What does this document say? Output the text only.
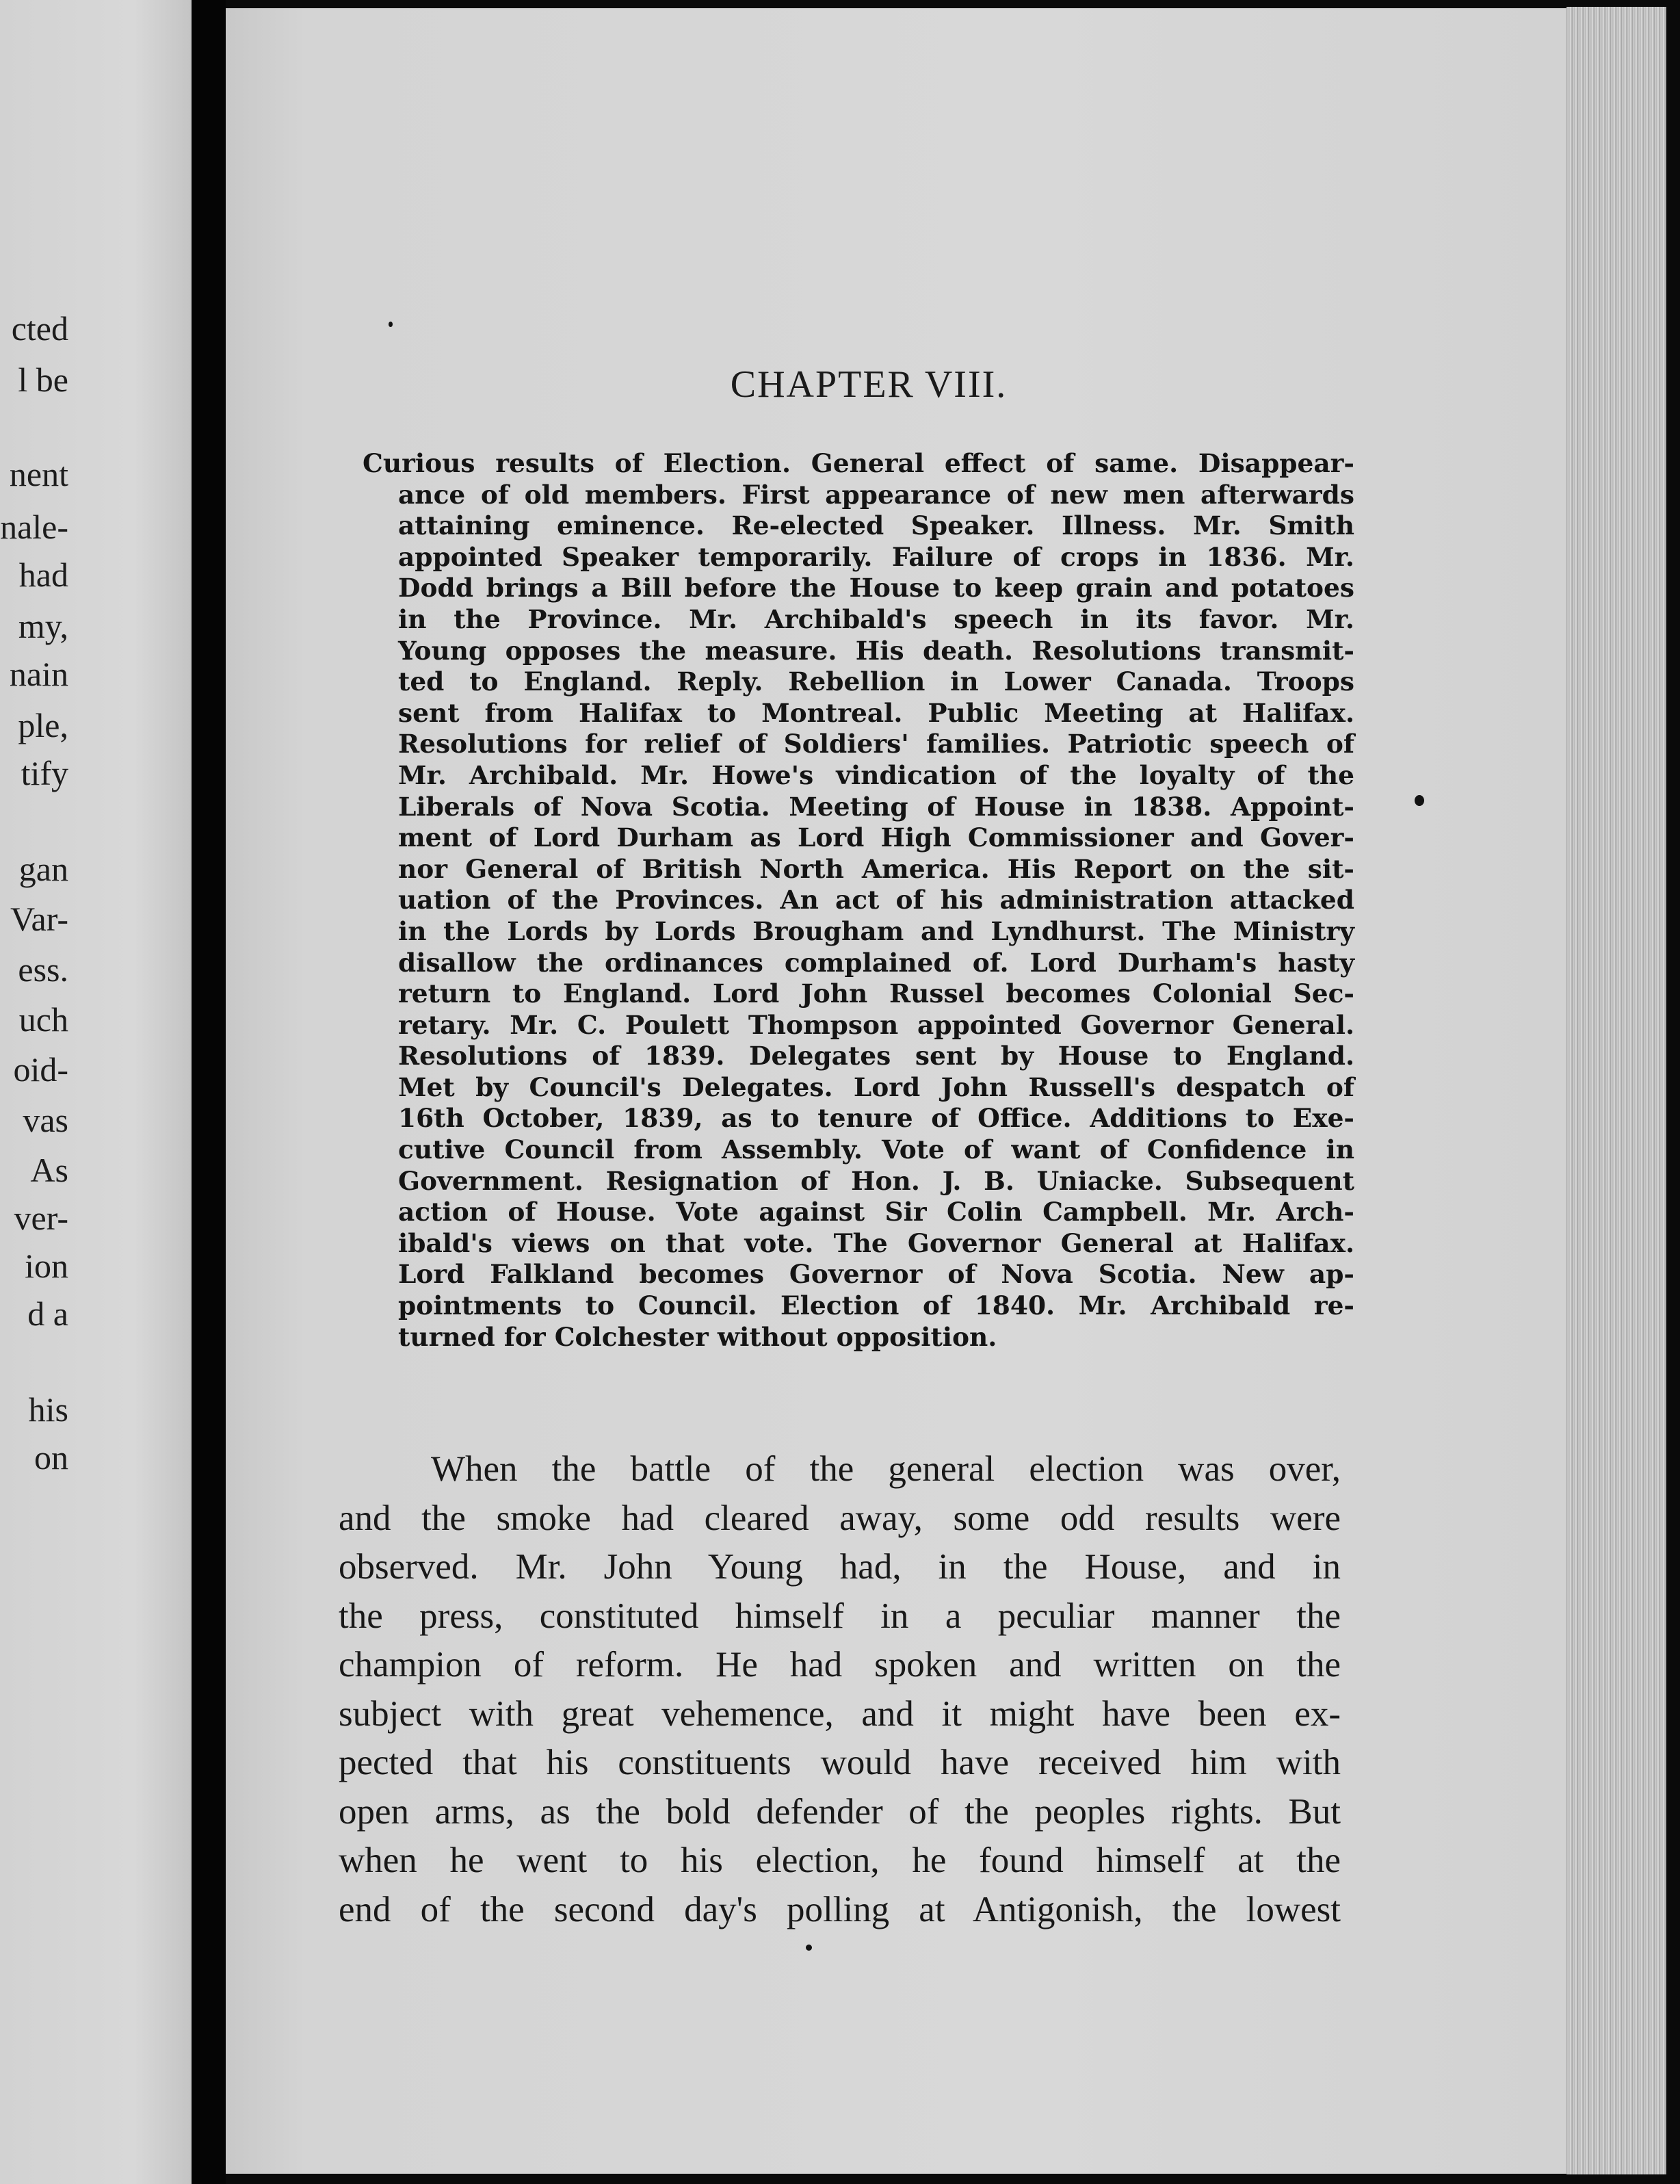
cted
l be
nent
nale-
had
my,
nain
ple,
tify
gan
Var-
ess.
uch
oid-
vas
As
ver-
ion
d a
his
on
CHAPTER VIII.
Curious results of Election. General effect of same. Disappear-
ance of old members. First appearance of new men afterwards
attaining eminence. Re-elected Speaker. Illness. Mr. Smith
appointed Speaker temporarily. Failure of crops in 1836. Mr.
Dodd brings a Bill before the House to keep grain and potatoes
in the Province. Mr. Archibald's speech in its favor. Mr.
Young opposes the measure. His death. Resolutions transmit-
ted to England. Reply. Rebellion in Lower Canada. Troops
sent from Halifax to Montreal. Public Meeting at Halifax.
Resolutions for relief of Soldiers' families. Patriotic speech of
Mr. Archibald. Mr. Howe's vindication of the loyalty of the
Liberals of Nova Scotia. Meeting of House in 1838. Appoint-
ment of Lord Durham as Lord High Commissioner and Gover-
nor General of British North America. His Report on the sit-
uation of the Provinces. An act of his administration attacked
in the Lords by Lords Brougham and Lyndhurst. The Ministry
disallow the ordinances complained of. Lord Durham's hasty
return to England. Lord John Russel becomes Colonial Sec-
retary. Mr. C. Poulett Thompson appointed Governor General.
Resolutions of 1839. Delegates sent by House to England.
Met by Council's Delegates. Lord John Russell's despatch of
16th October, 1839, as to tenure of Office. Additions to Exe-
cutive Council from Assembly. Vote of want of Confidence in
Government. Resignation of Hon. J. B. Uniacke. Subsequent
action of House. Vote against Sir Colin Campbell. Mr. Arch-
ibald's views on that vote. The Governor General at Halifax.
Lord Falkland becomes Governor of Nova Scotia. New ap-
pointments to Council. Election of 1840. Mr. Archibald re-
turned for Colchester without opposition.
When the battle of the general election was over,
and the smoke had cleared away, some odd results were
observed. Mr. John Young had, in the House, and in
the press, constituted himself in a peculiar manner the
champion of reform. He had spoken and written on the
subject with great vehemence, and it might have been ex-
pected that his constituents would have received him with
open arms, as the bold defender of the peoples rights. But
when he went to his election, he found himself at the
end of the second day's polling at Antigonish, the lowest
